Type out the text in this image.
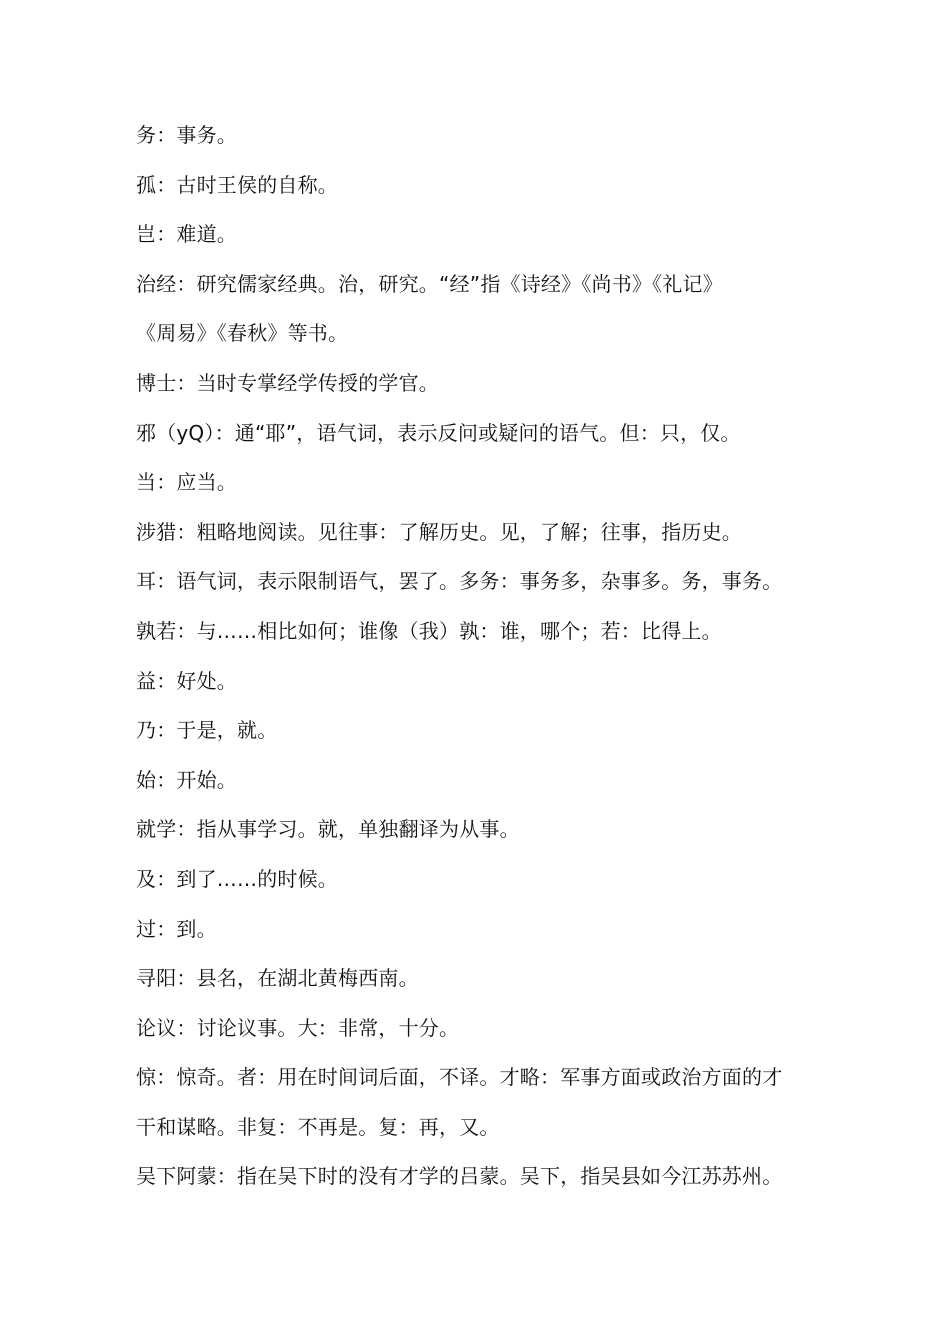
务：事务。
孤：古时王侯的自称。
岂：难道。
治经：研究儒家经典。治，研究。“经”指《诗经》《尚书》《礼记》
《周易》《春秋》等书。
博士：当时专掌经学传授的学官。
邪（yQ）：通“耶”，语气词，表示反问或疑问的语气。但：只，仅。
当：应当。
涉猎：粗略地阅读。见往事：了解历史。见，了解；往事，指历史。
耳：语气词，表示限制语气，罢了。多务：事务多，杂事多。务，事务。
孰若：与……相比如何；谁像（我）孰：谁，哪个；若：比得上。
益：好处。
乃：于是，就。
始：开始。
就学：指从事学习。就，单独翻译为从事。
及：到了……的时候。
过：到。
寻阳：县名，在湖北黄梅西南。
论议：讨论议事。大：非常，十分。
惊：惊奇。者：用在时间词后面，不译。才略：军事方面或政治方面的才
干和谋略。非复：不再是。复：再，又。
吴下阿蒙：指在吴下时的没有才学的吕蒙。吴下，指吴县如今江苏苏州。
